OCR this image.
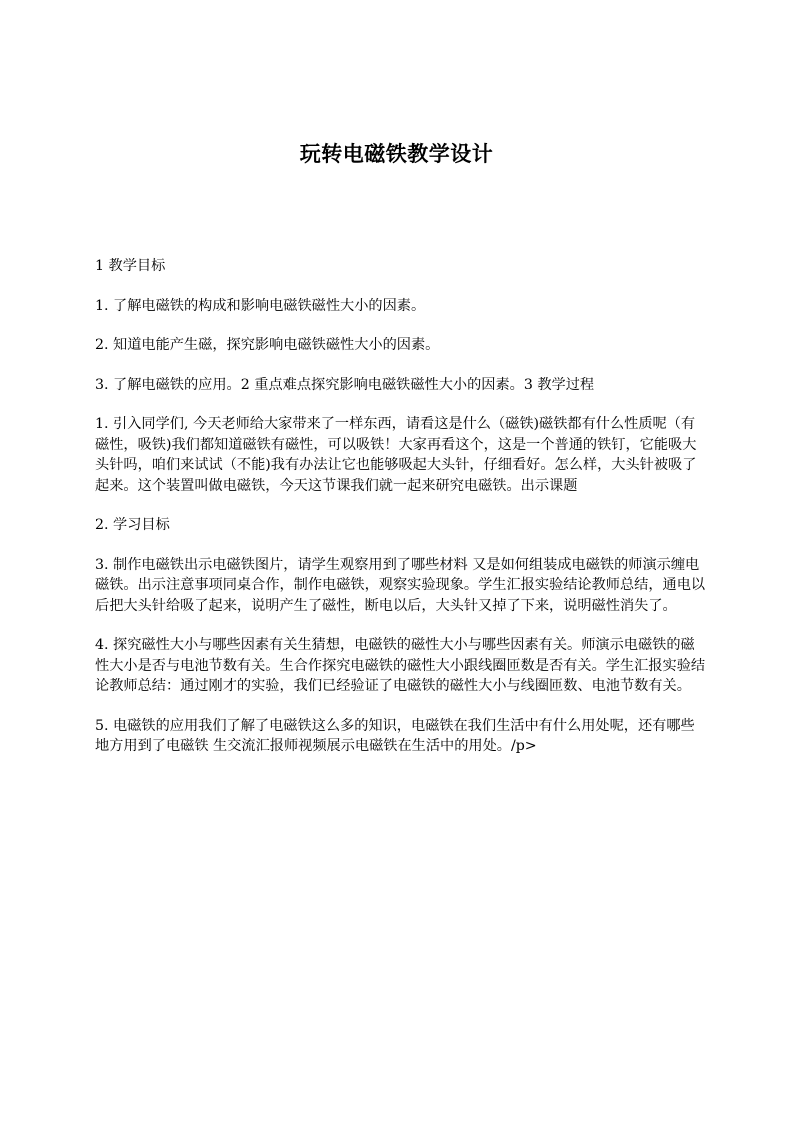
玩转电磁铁教学设计

1 教学目标

1. 了解电磁铁的构成和影响电磁铁磁性大小的因素。

2. 知道电能产生磁，探究影响电磁铁磁性大小的因素。

3. 了解电磁铁的应用。2 重点难点探究影响电磁铁磁性大小的因素。3 教学过程

1. 引入同学们, 今天老师给大家带来了一样东西，请看这是什么（磁铁)磁铁都有什么性质呢（有磁性，吸铁)我们都知道磁铁有磁性，可以吸铁！大家再看这个，这是一个普通的铁钉，它能吸大头针吗，咱们来试试（不能)我有办法让它也能够吸起大头针，仔细看好。怎么样，大头针被吸了起来。这个装置叫做电磁铁，今天这节课我们就一起来研究电磁铁。出示课题

2. 学习目标

3. 制作电磁铁出示电磁铁图片，请学生观察用到了哪些材料 又是如何组装成电磁铁的师演示缠电磁铁。出示注意事项同桌合作，制作电磁铁，观察实验现象。学生汇报实验结论教师总结，通电以后把大头针给吸了起来，说明产生了磁性，断电以后，大头针又掉了下来，说明磁性消失了。

4. 探究磁性大小与哪些因素有关生猜想，电磁铁的磁性大小与哪些因素有关。师演示电磁铁的磁性大小是否与电池节数有关。生合作探究电磁铁的磁性大小跟线圈匝数是否有关。学生汇报实验结论教师总结：通过刚才的实验，我们已经验证了电磁铁的磁性大小与线圈匝数、电池节数有关。

5. 电磁铁的应用我们了解了电磁铁这么多的知识，电磁铁在我们生活中有什么用处呢，还有哪些地方用到了电磁铁 生交流汇报师视频展示电磁铁在生活中的用处。/p>
